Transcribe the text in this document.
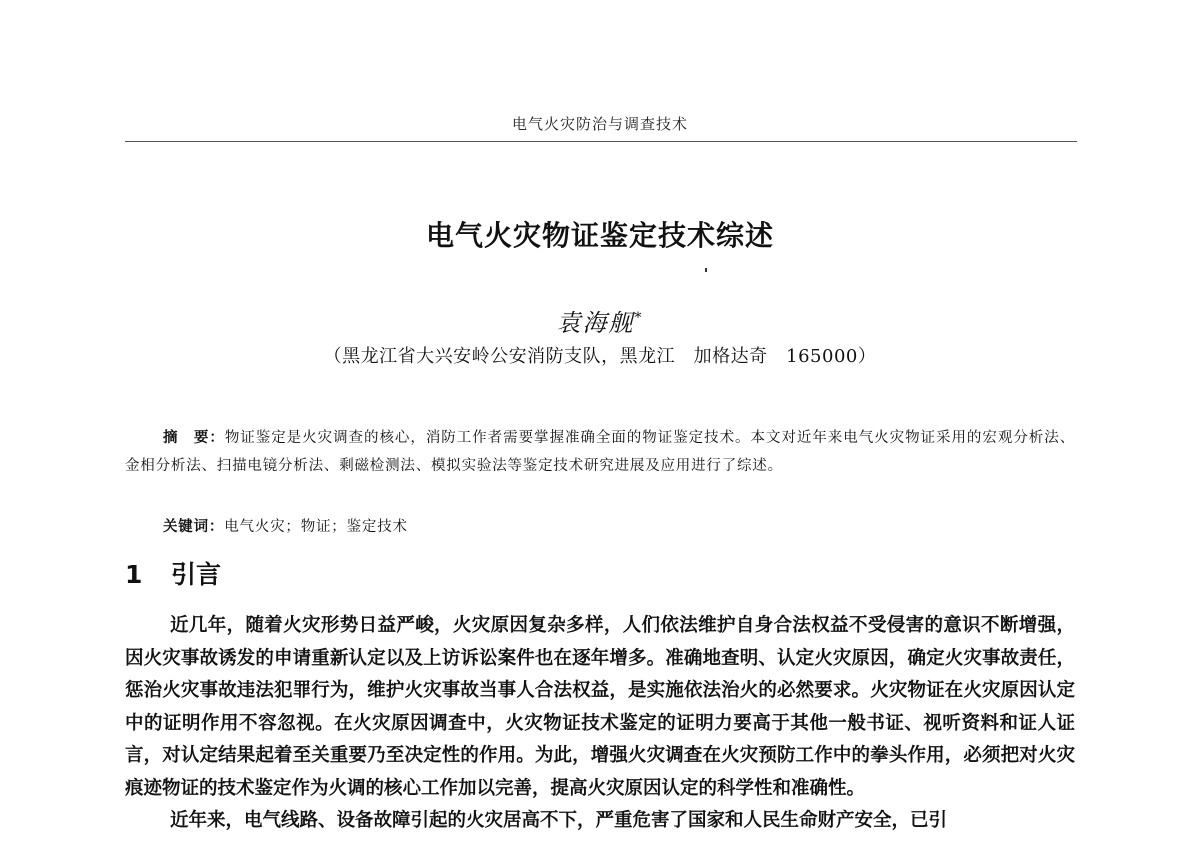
电气火灾防治与调查技术
电气火灾物证鉴定技术综述
袁海舰*
（黑龙江省大兴安岭公安消防支队，黑龙江　加格达奇　165000）
摘　要：物证鉴定是火灾调查的核心，消防工作者需要掌握准确全面的物证鉴定技术。本文对近年来电气火灾物证采用的宏观分析法、金相分析法、扫描电镜分析法、剩磁检测法、模拟实验法等鉴定技术研究进展及应用进行了综述。
关键词：电气火灾；物证；鉴定技术
1 引言

近几年，随着火灾形势日益严峻，火灾原因复杂多样，人们依法维护自身合法权益不受侵害的意识不断增强，因火灾事故诱发的申请重新认定以及上访诉讼案件也在逐年增多。准确地查明、认定火灾原因，确定火灾事故责任，惩治火灾事故违法犯罪行为，维护火灾事故当事人合法权益，是实施依法治火的必然要求。火灾物证在火灾原因认定中的证明作用不容忽视。在火灾原因调查中，火灾物证技术鉴定的证明力要高于其他一般书证、视听资料和证人证言，对认定结果起着至关重要乃至决定性的作用。为此，增强火灾调查在火灾预防工作中的拳头作用，必须把对火灾痕迹物证的技术鉴定作为火调的核心工作加以完善，提高火灾原因认定的科学性和准确性。

近年来，电气线路、设备故障引起的火灾居高不下，严重危害了国家和人民生命财产安全，已引
